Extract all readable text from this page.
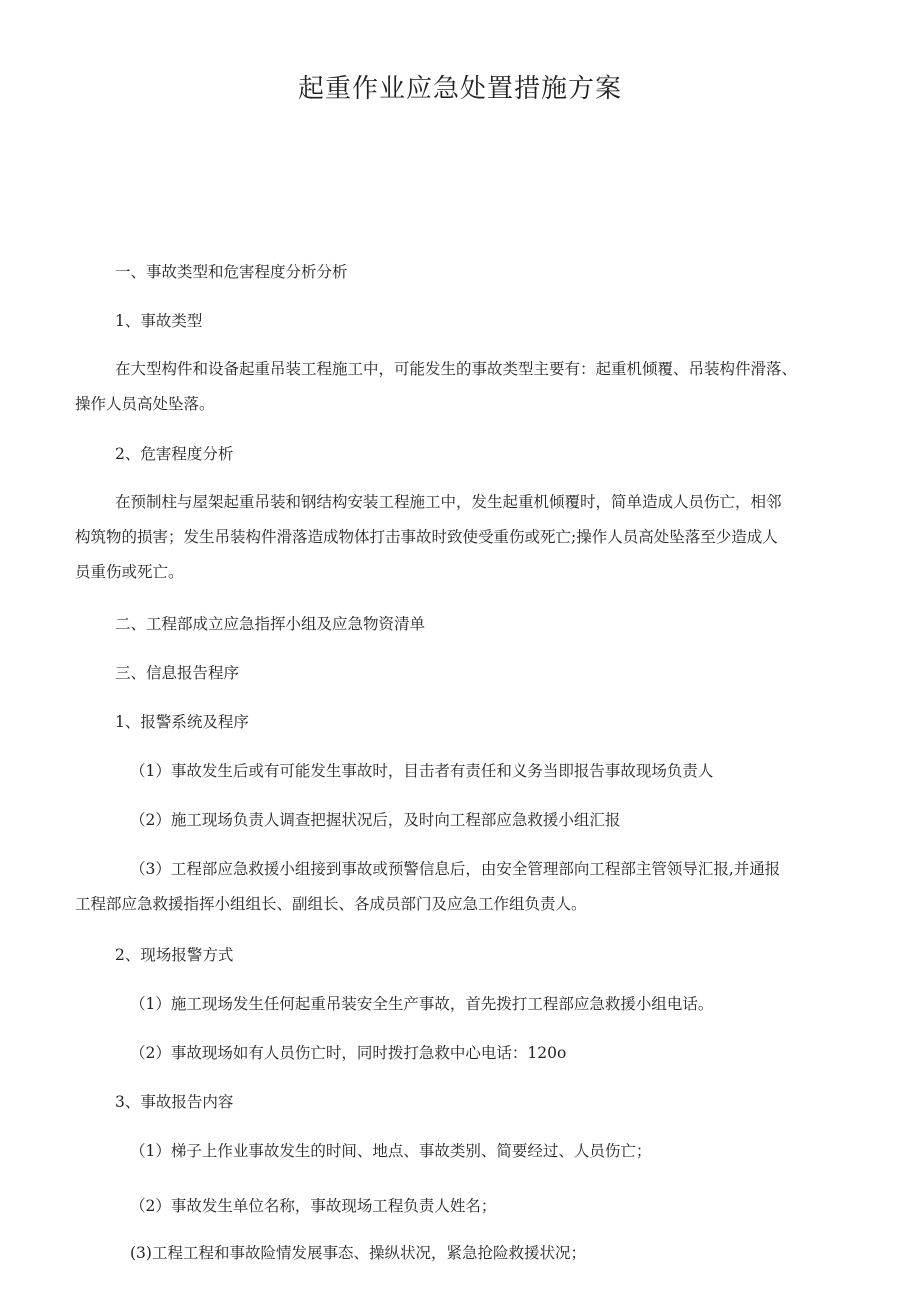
起重作业应急处置措施方案
一、事故类型和危害程度分析分析
1、事故类型

在大型构件和设备起重吊装工程施工中，可能发生的事故类型主要有：起重机倾覆、吊装构件滑落、

操作人员高处坠落。

2、危害程度分析

在预制柱与屋架起重吊装和钢结构安装工程施工中，发生起重机倾覆时，简单造成人员伤亡，相邻

构筑物的损害；发生吊装构件滑落造成物体打击事故时致使受重伤或死亡;操作人员高处坠落至少造成人

员重伤或死亡。

二、工程部成立应急指挥小组及应急物资清单
三、信息报告程序
1、报警系统及程序
（1）事故发生后或有可能发生事故时，目击者有责任和义务当即报告事故现场负责人
（2）施工现场负责人调查把握状况后，及时向工程部应急救援小组汇报

（3）工程部应急救援小组接到事故或预警信息后，由安全管理部向工程部主管领导汇报,并通报

工程部应急救援指挥小组组长、副组长、各成员部门及应急工作组负责人。

2、现场报警方式
（1）施工现场发生任何起重吊装安全生产事故，首先拨打工程部应急救援小组电话。
（2）事故现场如有人员伤亡时，同时拨打急救中心电话：120o
3、事故报告内容
（1）梯子上作业事故发生的时间、地点、事故类别、简要经过、人员伤亡；
（2）事故发生单位名称，事故现场工程负责人姓名；
(3)工程工程和事故险情发展事态、操纵状况，紧急抢险救援状况；
